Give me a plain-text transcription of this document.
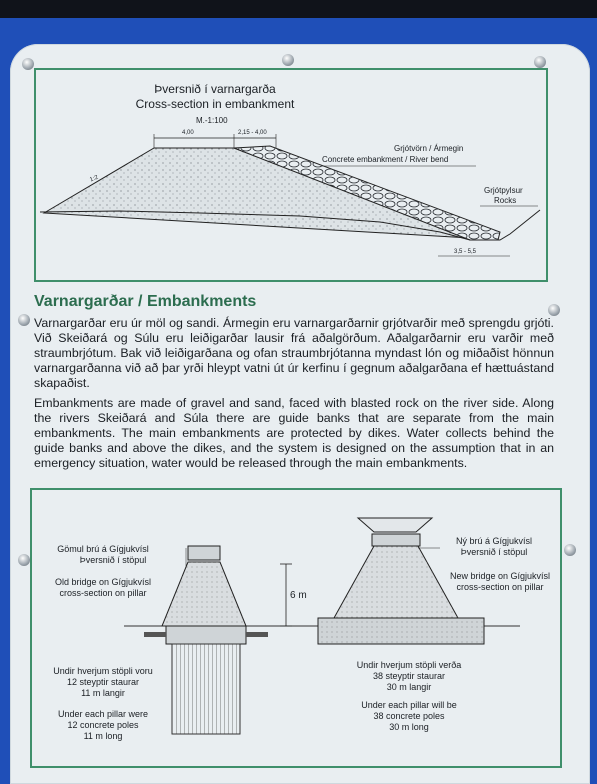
Þversnið í varnargarða
Cross-section in embankment
M.-1:100
4,00	2,15 - 4,00
1:2
Grjótvörn / Ármegin
Concrete embankment / River bend
Grjótpylsur
Rocks
3,5 - 5,5
Varnargarðar / Embankments
Varnargarðar eru úr möl og sandi. Ármegin eru varnargarðarnir grjótvarðir með sprengdu grjóti. Við Skeiðará og Súlu eru leiðigarðar lausir frá aðalgörðum. Aðalgarðarnir eru varðir með straumbrjótum. Bak við leiðigarðana og ofan straumbrjótanna myndast lón og miðaðist hönnun varnargarðanna við að þar yrði hleypt vatni út úr kerfinu í gegnum aðalgarðana ef hættuástand skapaðist.
Embankments are made of gravel and sand, faced with blasted rock on the river side. Along the rivers Skeiðará and Súla there are guide banks that are separate from the main embankments. The main embankments are protected by dikes. Water collects behind the guide banks and above the dikes, and the system is designed on the assumption that in an emergency situation, water would be released through the main embankments.
Gömul brú á Gígjukvísl
Þversnið í stöpul
Old bridge on Gígjukvísl
cross-section on pillar	6 m
Ný brú á Gígjukvísl
Þversnið í stöpul
New bridge on Gígjukvísl
cross-section on pillar
Undir hverjum stöpli voru
12 steyptir staurar
11 m langir
Under each pillar were
12 concrete poles
11 m long
Undir hverjum stöpli verða
38 steyptir staurar
30 m langir
Under each pillar will be
38 concrete poles
30 m long
